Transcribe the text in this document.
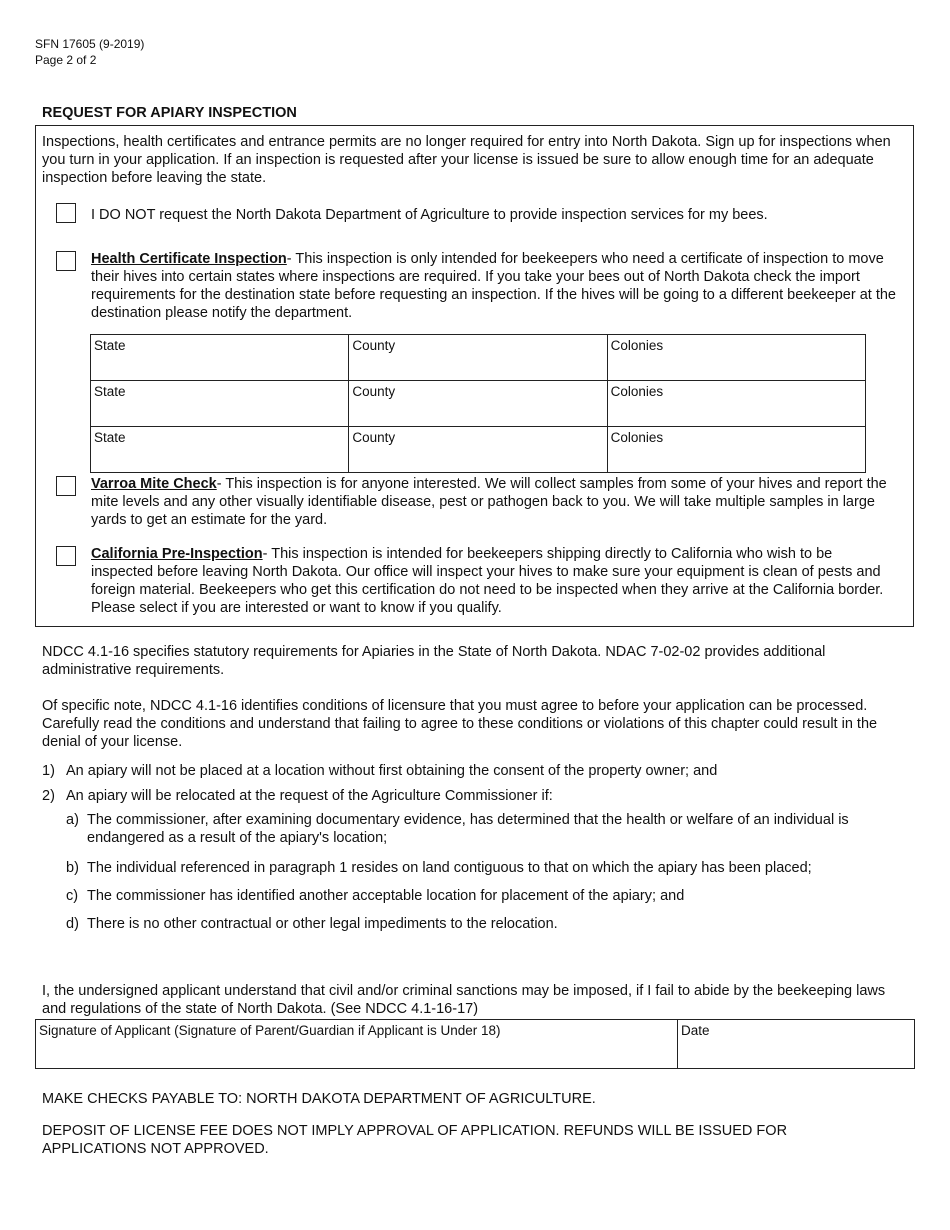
SFN 17605 (9-2019)
Page 2 of 2
REQUEST FOR APIARY INSPECTION
Inspections, health certificates and entrance permits are no longer required for entry into North Dakota. Sign up for inspections when you turn in your application. If an inspection is requested after your license is issued be sure to allow enough time for an adequate inspection before leaving the state.
I DO NOT request the North Dakota Department of Agriculture to provide inspection services for my bees.
Health Certificate Inspection- This inspection is only intended for beekeepers who need a certificate of inspection to move their hives into certain states where inspections are required. If you take your bees out of North Dakota check the import requirements for the destination state before requesting an inspection. If the hives will be going to a different beekeeper at the destination please notify the department.
State	County	Colonies
State	County	Colonies
State	County	Colonies
Varroa Mite Check- This inspection is for anyone interested. We will collect samples from some of your hives and report the mite levels and any other visually identifiable disease, pest or pathogen back to you. We will take multiple samples in large yards to get an estimate for the yard.
California Pre-Inspection- This inspection is intended for beekeepers shipping directly to California who wish to be inspected before leaving North Dakota. Our office will inspect your hives to make sure your equipment is clean of pests and foreign material. Beekeepers who get this certification do not need to be inspected when they arrive at the California border. Please select if you are interested or want to know if you qualify.
NDCC 4.1-16 specifies statutory requirements for Apiaries in the State of North Dakota. NDAC 7-02-02 provides additional administrative requirements.
Of specific note, NDCC 4.1-16 identifies conditions of licensure that you must agree to before your application can be processed. Carefully read the conditions and understand that failing to agree to these conditions or violations of this chapter could result in the denial of your license.
1) An apiary will not be placed at a location without first obtaining the consent of the property owner; and
2) An apiary will be relocated at the request of the Agriculture Commissioner if:
a) The commissioner, after examining documentary evidence, has determined that the health or welfare of an individual is endangered as a result of the apiary's location;
b) The individual referenced in paragraph 1 resides on land contiguous to that on which the apiary has been placed;
c) The commissioner has identified another acceptable location for placement of the apiary; and
d) There is no other contractual or other legal impediments to the relocation.
I, the undersigned applicant understand that civil and/or criminal sanctions may be imposed, if I fail to abide by the beekeeping laws and regulations of the state of North Dakota. (See NDCC 4.1-16-17)
Signature of Applicant (Signature of Parent/Guardian if Applicant is Under 18)	Date
MAKE CHECKS PAYABLE TO: NORTH DAKOTA DEPARTMENT OF AGRICULTURE.
DEPOSIT OF LICENSE FEE DOES NOT IMPLY APPROVAL OF APPLICATION. REFUNDS WILL BE ISSUED FOR APPLICATIONS NOT APPROVED.
